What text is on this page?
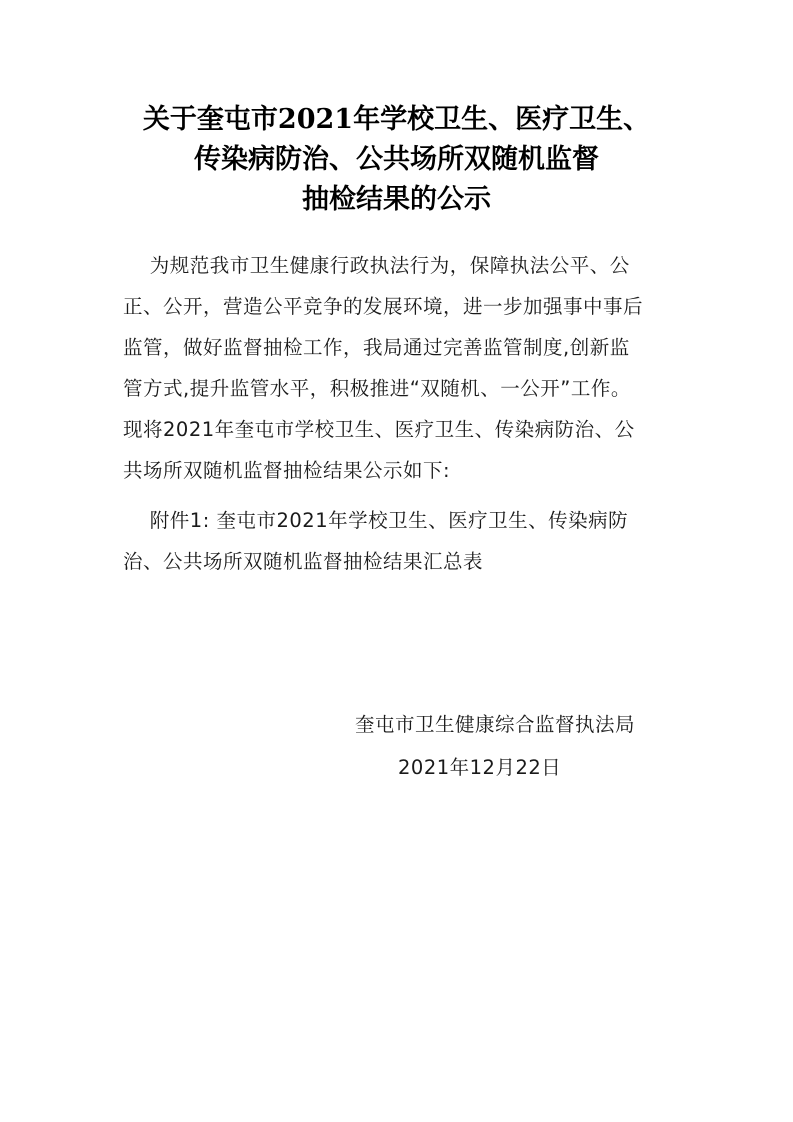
关于奎屯市2021年学校卫生、医疗卫生、
传染病防治、公共场所双随机监督
抽检结果的公示
为规范我市卫生健康行政执法行为，保障执法公平、公
正、公开，营造公平竞争的发展环境，进一步加强事中事后
监管，做好监督抽检工作，我局通过完善监管制度,创新监
管方式,提升监管水平，积极推进“双随机、一公开”工作。
现将2021年奎屯市学校卫生、医疗卫生、传染病防治、公
共场所双随机监督抽检结果公示如下:
附件1: 奎屯市2021年学校卫生、医疗卫生、传染病防
治、公共场所双随机监督抽检结果汇总表
奎屯市卫生健康综合监督执法局
2021年12月22日
